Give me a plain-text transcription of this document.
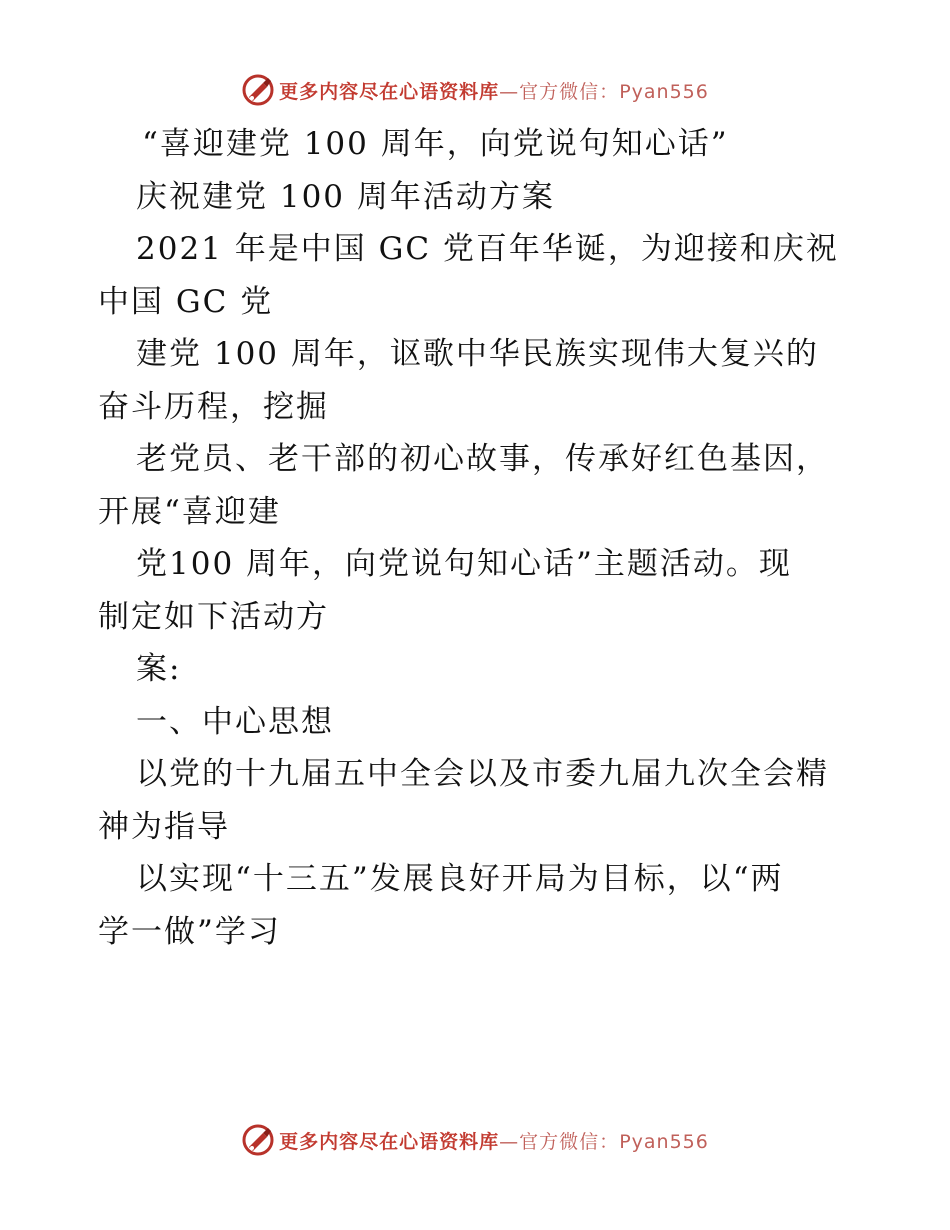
更多内容尽在心语资料库—官方微信：Pyan556
“喜迎建党 100 周年，向党说句知心话”
庆祝建党 100 周年活动方案
2021 年是中国 GC 党百年华诞，为迎接和庆祝
中国 GC 党
建党 100 周年，讴歌中华民族实现伟大复兴的
奋斗历程，挖掘
老党员、老干部的初心故事，传承好红色基因，
开展“喜迎建
党100 周年，向党说句知心话”主题活动。现
制定如下活动方
案:
一、中心思想
以党的十九届五中全会以及市委九届九次全会精
神为指导
以实现“十三五”发展良好开局为目标，以“两
学一做”学习
更多内容尽在心语资料库—官方微信：Pyan556
